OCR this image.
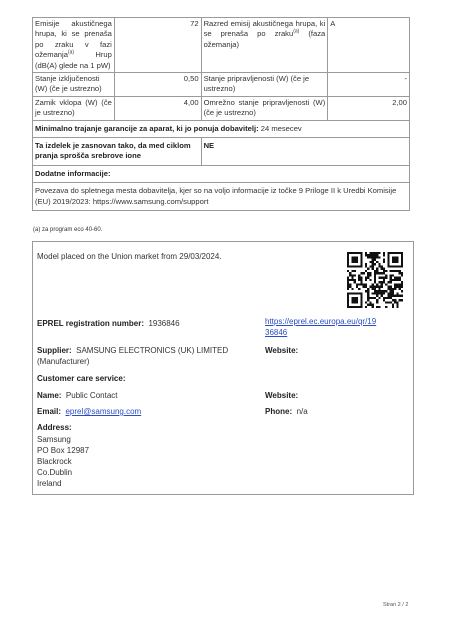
Emisije akustičnega hrupa, ki se prenaša po zraku v fazi ožemanja$^{(a)}$ Hrup (dB(A) glede na 1 pW)	72	Razred emisij akustičnega hrupa, ki se prenaša po zraku$^{(a)}$ (faza ožemanja)	A
Stanje izključenosti (W) (če je ustrezno)	0,50	Stanje pripravljenosti (W) (če je ustrezno)	-
Zamik vklopa (W) (če je ustrezno)	4,00	Omrežno stanje pripravljenosti (W) (če je ustrezno)	2,00
Minimalno trajanje garancije za aparat, ki jo ponuja dobavitelj: 24 mesecev			
Ta izdelek je zasnovan tako, da med ciklom pranja sprošča srebrove ione		NE	
Dodatne informacije:			
Povezava do spletnega mesta dobavitelja, kjer so na voljo informacije iz točke 9 Priloge II k Uredbi Komisije (EU) 2019/2023: https://www.samsung.com/support			
(a) za program eco 40-60.
Model placed on the Union market from 29/03/2024.
EPREL registration number: 1936846	https://eprel.ec.europa.eu/qr/19
36846
Supplier: SAMSUNG ELECTRONICS (UK) LIMITED (Manufacturer)
Website:
Customer care service:
Name: Public Contact	Website:
Email: eprel@samsung.com	Phone: n/a
Address:
Samsung
PO Box 12987
Blackrock
Co.Dublin
Ireland
Stran 2 / 2
